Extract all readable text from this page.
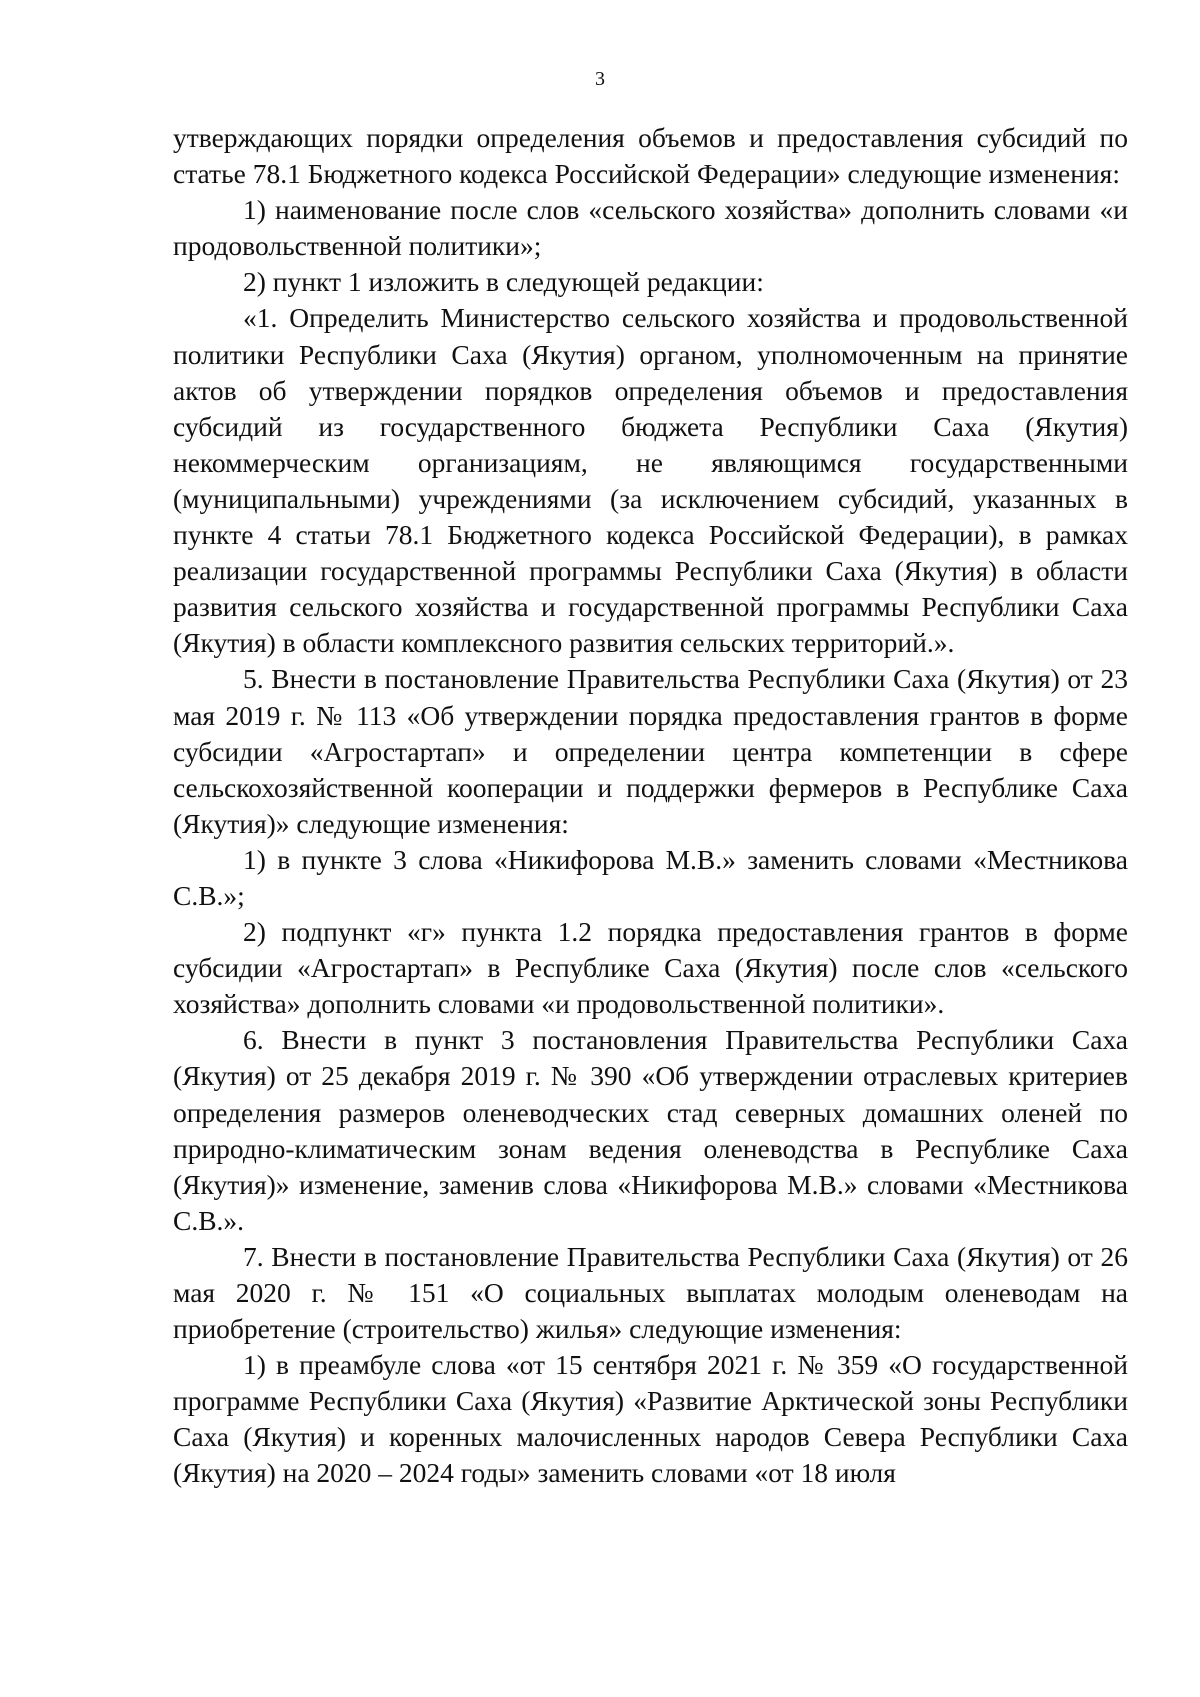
3

утверждающих порядки определения объемов и предоставления субсидий по статье 78.1 Бюджетного кодекса Российской Федерации» следующие изменения:

1) наименование после слов «сельского хозяйства» дополнить словами «и продовольственной политики»;

2) пункт 1 изложить в следующей редакции:

«1. Определить Министерство сельского хозяйства и продовольственной политики Республики Саха (Якутия) органом, уполномоченным на принятие актов об утверждении порядков определения объемов и предоставления субсидий из государственного бюджета Республики Саха (Якутия) некоммерческим организациям, не являющимся государственными (муниципальными) учреждениями (за исключением субсидий, указанных в пункте 4 статьи 78.1 Бюджетного кодекса Российской Федерации), в рамках реализации государственной программы Республики Саха (Якутия) в области развития сельского хозяйства и государственной программы Республики Саха (Якутия) в области комплексного развития сельских территорий.».

5. Внести в постановление Правительства Республики Саха (Якутия) от 23 мая 2019 г. № 113 «Об утверждении порядка предоставления грантов в форме субсидии «Агростартап» и определении центра компетенции в сфере сельскохозяйственной кооперации и поддержки фермеров в Республике Саха (Якутия)» следующие изменения:

1) в пункте 3 слова «Никифорова М.В.» заменить словами «Местникова С.В.»;

2) подпункт «г» пункта 1.2 порядка предоставления грантов в форме субсидии «Агростартап» в Республике Саха (Якутия) после слов «сельского хозяйства» дополнить словами «и продовольственной политики».

6. Внести в пункт 3 постановления Правительства Республики Саха (Якутия) от 25 декабря 2019 г. № 390 «Об утверждении отраслевых критериев определения размеров оленеводческих стад северных домашних оленей по природно-климатическим зонам ведения оленеводства в Республике Саха (Якутия)» изменение, заменив слова «Никифорова М.В.» словами «Местникова С.В.».

7. Внести в постановление Правительства Республики Саха (Якутия) от 26 мая 2020 г. № 151 «О социальных выплатах молодым оленеводам на приобретение (строительство) жилья» следующие изменения:

1) в преамбуле слова «от 15 сентября 2021 г. № 359 «О государственной программе Республики Саха (Якутия) «Развитие Арктической зоны Республики Саха (Якутия) и коренных малочисленных народов Севера Республики Саха (Якутия) на 2020 – 2024 годы» заменить словами «от 18 июля
